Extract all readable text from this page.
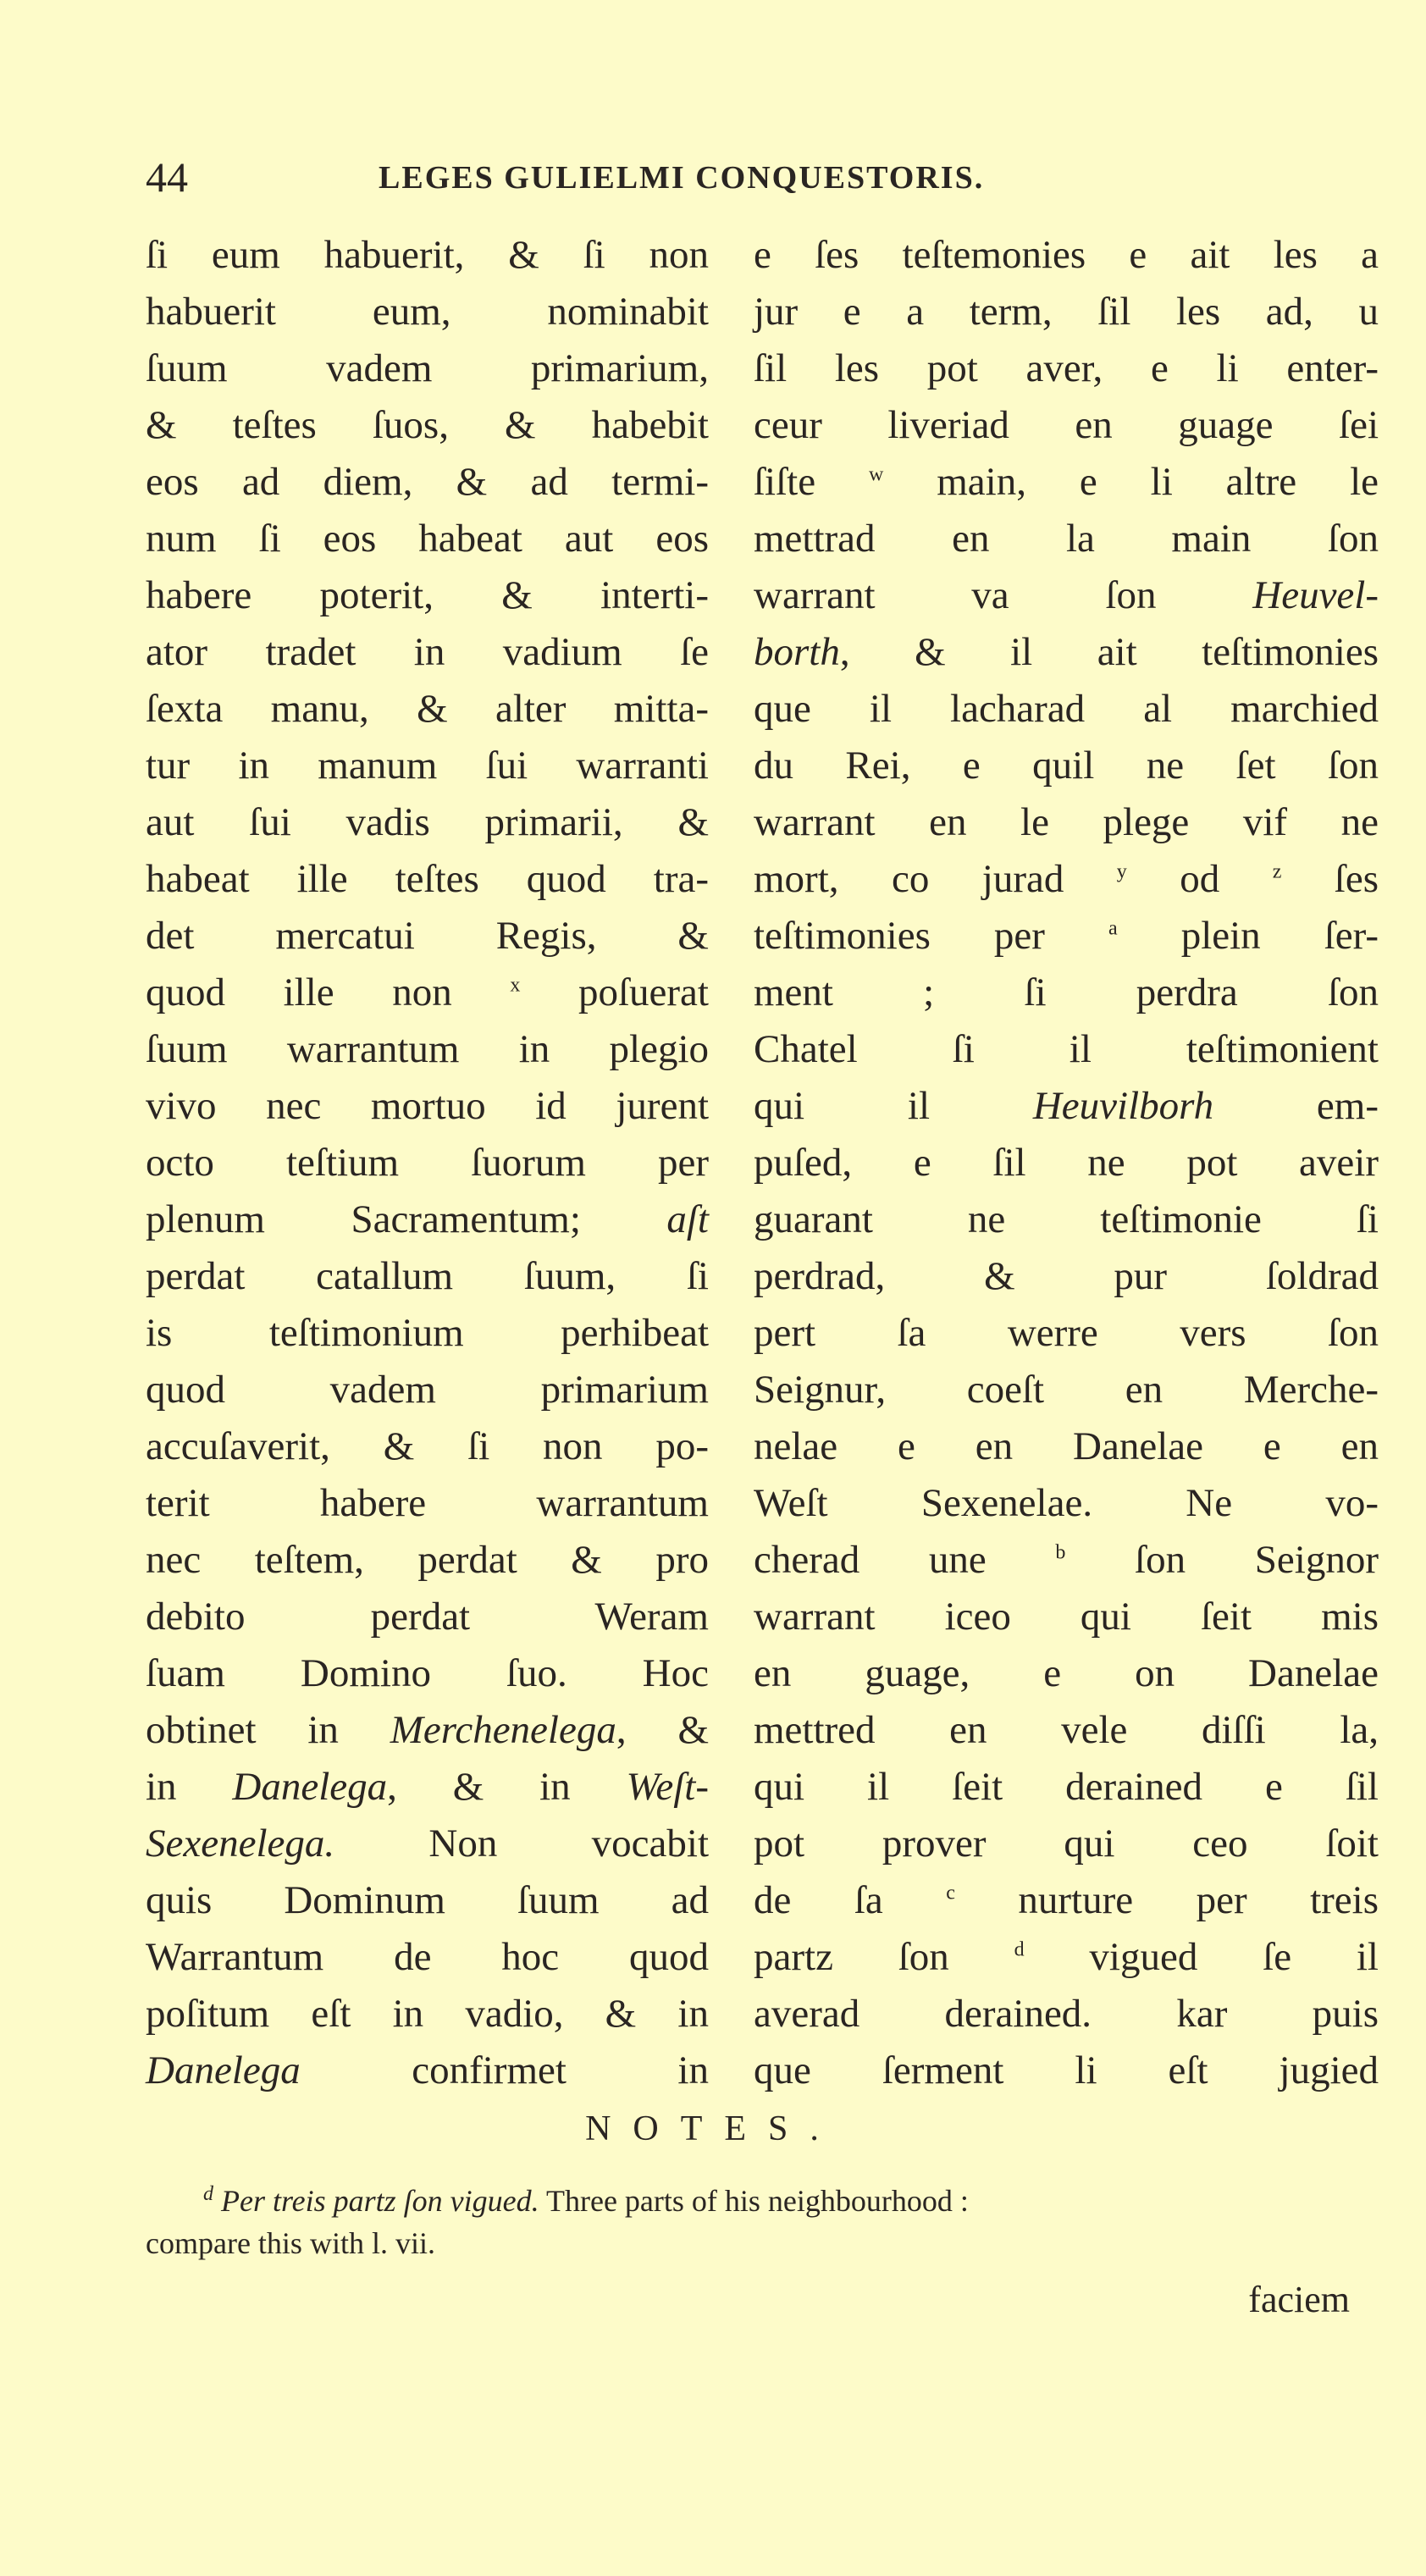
44	LEGES GULIELMI CONQUESTORIS.
ſi eum habuerit, & ſi non
habuerit eum, nominabit
ſuum vadem primarium,
& teſtes ſuos, & habebit
eos ad diem, & ad termi-
num ſi eos habeat aut eos
habere poterit, & interti-
ator tradet in vadium ſe
ſexta manu, & alter mitta-
tur in manum ſui warranti
aut ſui vadis primarii, &
habeat ille teſtes quod tra-
det mercatui Regis, &
quod ille non $^x$ poſuerat
ſuum warrantum in plegio
vivo nec mortuo id jurent
octo teſtium ſuorum per
plenum Sacramentum; aſt
perdat catallum ſuum, ſi
is teſtimonium perhibeat
quod vadem primarium
accuſaverit, & ſi non po-
terit habere warrantum
nec teſtem, perdat & pro
debito perdat Weram
ſuam Domino ſuo. Hoc
obtinet in Merchenelega, &
in Danelega, & in Weſt-
Sexenelega. Non vocabit
quis Dominum ſuum ad
Warrantum de hoc quod
poſitum eſt in vadio, & in
Danelega confirmet in
e ſes teſtemonies e ait les a
jur e a term, ſil les ad, u
ſil les pot aver, e li enter-
ceur liveriad en guage ſei
ſiſte $^w$ main, e li altre le
mettrad en la main ſon
warrant va ſon Heuvel-
borth, & il ait teſtimonies
que il lacharad al marchied
du Rei, e quil ne ſet ſon
warrant en le plege vif ne
mort, co jurad $^y$ od $^z$ ſes
teſtimonies per $^a$ plein ſer-
ment ; ſi perdra ſon
Chatel ſi il teſtimonient
qui il Heuvilborh em-
puſed, e ſil ne pot aveir
guarant ne teſtimonie ſi
perdrad, & pur ſoldrad
pert ſa werre vers ſon
Seignur, coeſt en Merche-
nelae e en Danelae e en
Weſt Sexenelae. Ne vo-
cherad une $^b$ ſon Seignor
warrant iceo qui ſeit mis
en guage, e on Danelae
mettred en vele diſſi la,
qui il ſeit derained e ſil
pot prover qui ceo ſoit
de ſa $^c$ nurture per treis
partz ſon $^d$ vigued ſe il
averad derained. kar puis
que ſerment li eſt jugied
NOTES.
$^d$ Per treis partz ſon vigued. Three parts of his neighbourhood :
compare this with l. vii.
faciem
